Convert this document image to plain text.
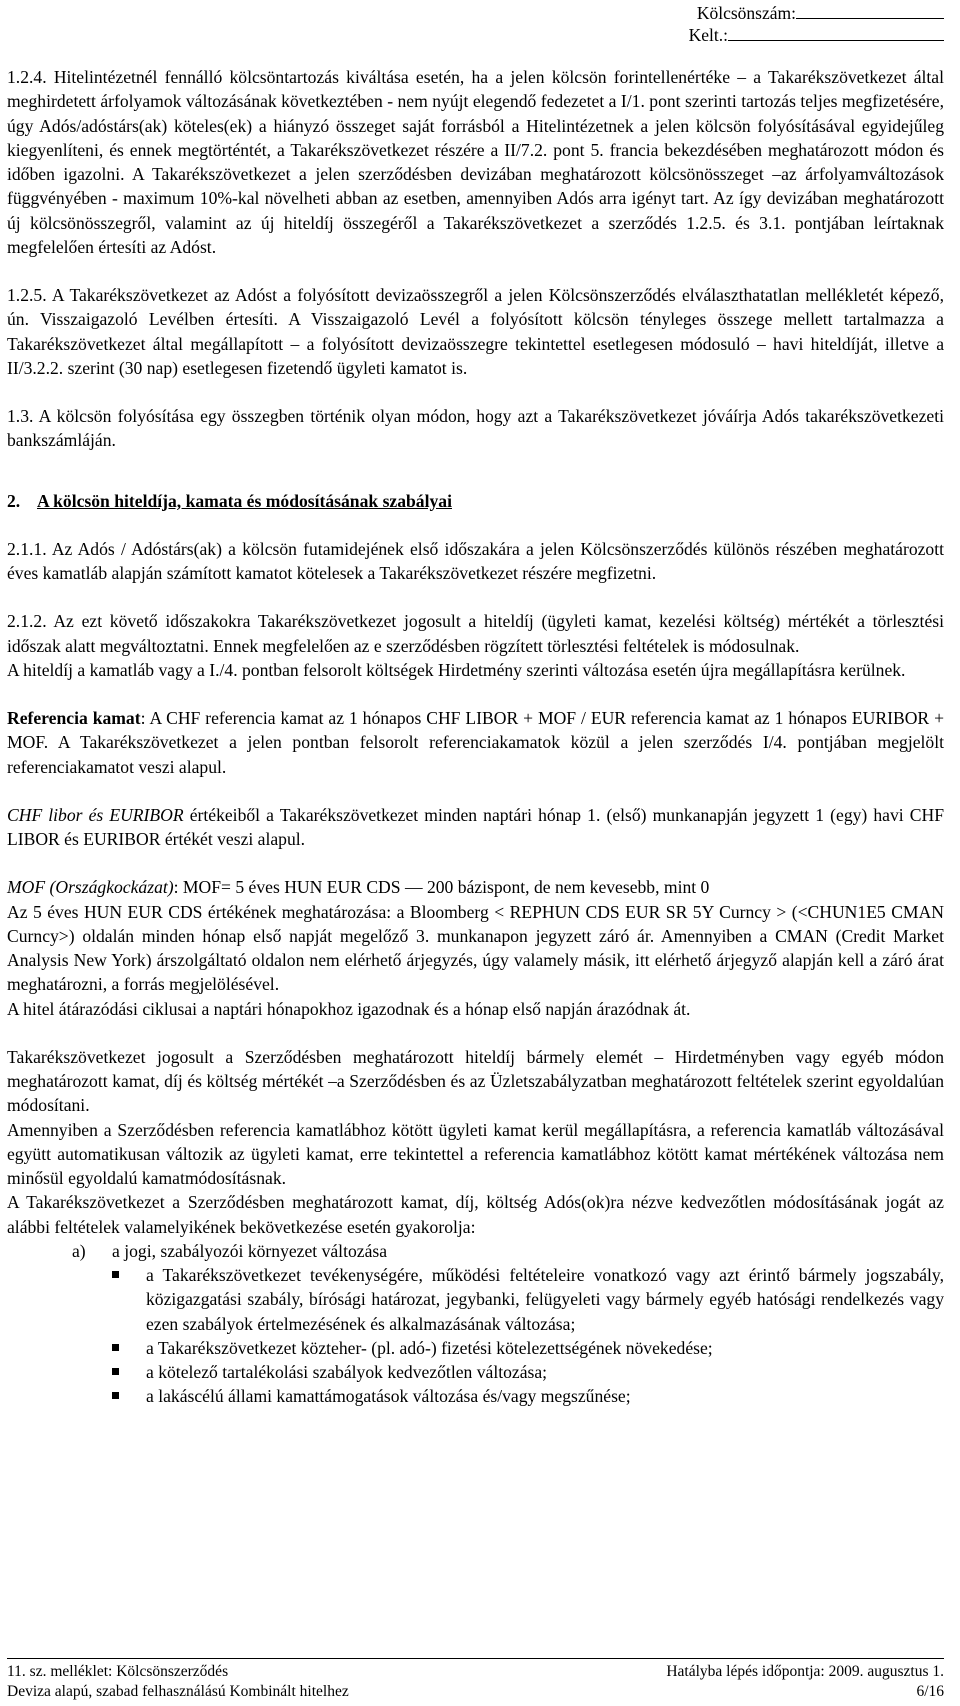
Kölcsönszám:
Kelt.:

1.2.4. Hitelintézetnél fennálló kölcsöntartozás kiváltása esetén, ha a jelen kölcsön forintellenértéke – a Takarékszövetkezet által meghirdetett árfolyamok változásának következtében - nem nyújt elegendő fedezetet a I/1. pont szerinti tartozás teljes megfizetésére, úgy Adós/adóstárs(ak) köteles(ek) a hiányzó összeget saját forrásból a Hitelintézetnek a jelen kölcsön folyósításával egyidejűleg kiegyenlíteni, és ennek megtörténtét, a Takarékszövetkezet részére a II/7.2. pont 5. francia bekezdésében meghatározott módon és időben igazolni. A Takarékszövetkezet a jelen szerződésben devizában meghatározott kölcsönösszeget –az árfolyamváltozások függvényében - maximum 10%-kal növelheti abban az esetben, amennyiben Adós arra igényt tart. Az így devizában meghatározott új kölcsönösszegről, valamint az új hiteldíj összegéről a Takarékszövetkezet a szerződés 1.2.5. és 3.1. pontjában leírtaknak megfelelően értesíti az Adóst.

1.2.5. A Takarékszövetkezet az Adóst a folyósított devizaösszegről a jelen Kölcsönszerződés elválaszthatatlan mellékletét képező, ún. Visszaigazoló Levélben értesíti. A Visszaigazoló Levél a folyósított kölcsön tényleges összege mellett tartalmazza a Takarékszövetkezet által megállapított – a folyósított devizaösszegre tekintettel esetlegesen módosuló – havi hiteldíját, illetve a II/3.2.2. szerint (30 nap) esetlegesen fizetendő ügyleti kamatot is.

1.3. A kölcsön folyósítása egy összegben történik olyan módon, hogy azt a Takarékszövetkezet jóváírja Adós takarékszövetkezeti bankszámláján.

2. A kölcsön hiteldíja, kamata és módosításának szabályai

2.1.1. Az Adós / Adóstárs(ak) a kölcsön futamidejének első időszakára a jelen Kölcsönszerződés különös részében meghatározott éves kamatláb alapján számított kamatot kötelesek a Takarékszövetkezet részére megfizetni.

2.1.2. Az ezt követő időszakokra Takarékszövetkezet jogosult a hiteldíj (ügyleti kamat, kezelési költség) mértékét a törlesztési időszak alatt megváltoztatni. Ennek megfelelően az e szerződésben rögzített törlesztési feltételek is módosulnak.

A hiteldíj a kamatláb vagy a I./4. pontban felsorolt költségek Hirdetmény szerinti változása esetén újra megállapításra kerülnek.

Referencia kamat: A CHF referencia kamat az 1 hónapos CHF LIBOR + MOF / EUR referencia kamat az 1 hónapos EURIBOR + MOF. A Takarékszövetkezet a jelen pontban felsorolt referenciakamatok közül a jelen szerződés I/4. pontjában megjelölt referenciakamatot veszi alapul.

CHF libor és EURIBOR értékeiből a Takarékszövetkezet minden naptári hónap 1. (első) munkanapján jegyzett 1 (egy) havi CHF LIBOR és EURIBOR értékét veszi alapul.

MOF (Országkockázat): MOF= 5 éves HUN EUR CDS — 200 bázispont, de nem kevesebb, mint 0

Az 5 éves HUN EUR CDS értékének meghatározása: a Bloomberg < REPHUN CDS EUR SR 5Y Curncy > (<CHUN1E5 CMAN Curncy>) oldalán minden hónap első napját megelőző 3. munkanapon jegyzett záró ár. Amennyiben a CMAN (Credit Market Analysis New York) árszolgáltató oldalon nem elérhető árjegyzés, úgy valamely másik, itt elérhető árjegyző alapján kell a záró árat meghatározni, a forrás megjelölésével.

A hitel átárazódási ciklusai a naptári hónapokhoz igazodnak és a hónap első napján árazódnak át.

Takarékszövetkezet jogosult a Szerződésben meghatározott hiteldíj bármely elemét – Hirdetményben vagy egyéb módon meghatározott kamat, díj és költség mértékét –a Szerződésben és az Üzletszabályzatban meghatározott feltételek szerint egyoldalúan módosítani.

Amennyiben a Szerződésben referencia kamatlábhoz kötött ügyleti kamat kerül megállapításra, a referencia kamatláb változásával együtt automatikusan változik az ügyleti kamat, erre tekintettel a referencia kamatlábhoz kötött kamat mértékének változása nem minősül egyoldalú kamatmódosításnak.

A Takarékszövetkezet a Szerződésben meghatározott kamat, díj, költség Adós(ok)ra nézve kedvezőtlen módosításának jogát az alábbi feltételek valamelyikének bekövetkezése esetén gyakorolja:

a)	a jogi, szabályozói környezet változása
a Takarékszövetkezet tevékenységére, működési feltételeire vonatkozó vagy azt érintő bármely jogszabály, közigazgatási szabály, bírósági határozat, jegybanki, felügyeleti vagy bármely egyéb hatósági rendelkezés vagy ezen szabályok értelmezésének és alkalmazásának változása;
a Takarékszövetkezet közteher- (pl. adó-) fizetési kötelezettségének növekedése;
a kötelező tartalékolási szabályok kedvezőtlen változása;
a lakáscélú állami kamattámogatások változása és/vagy megszűnése;
11. sz. melléklet: Kölcsönszerződés	Hatályba lépés időpontja: 2009. augusztus 1.
Deviza alapú, szabad felhasználású Kombinált hitelhez	6/16
